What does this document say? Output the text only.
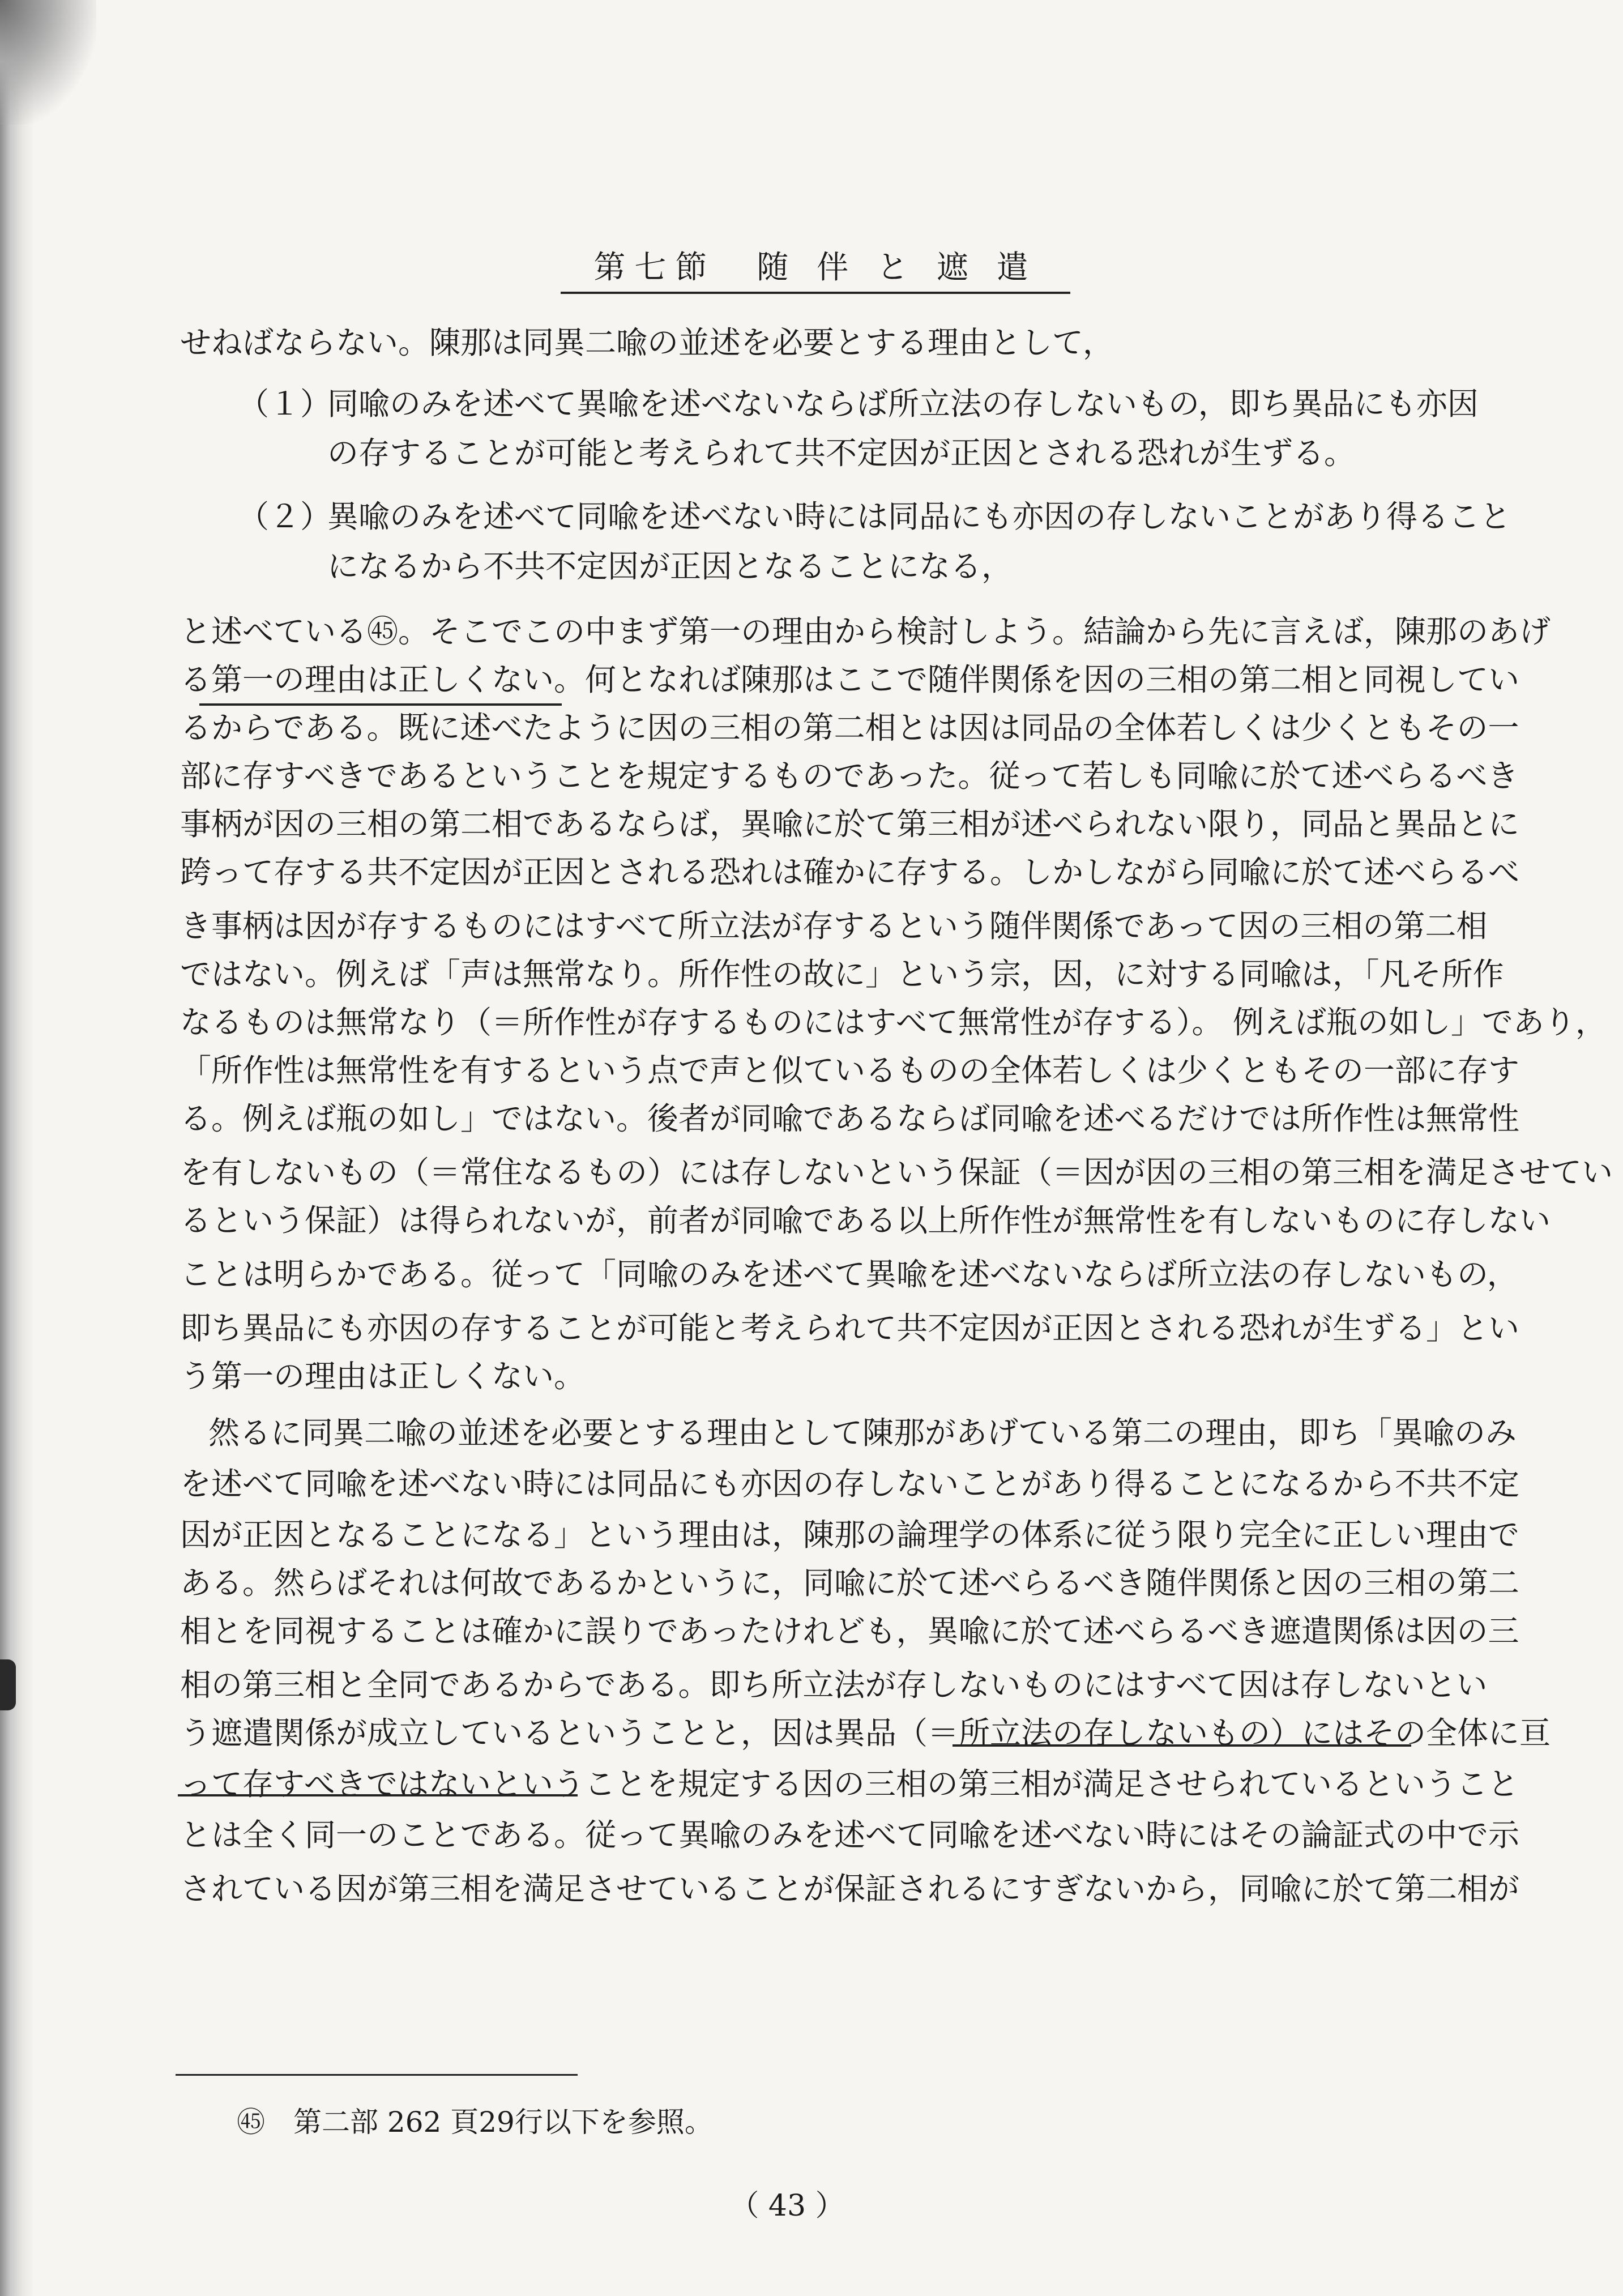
第七節　随 伴 と 遮 遣
せねばならない。陳那は同異二喩の並述を必要とする理由として，
（１）
同喩のみを述べて異喩を述べないならば所立法の存しないもの，即ち異品にも亦因
の存することが可能と考えられて共不定因が正因とされる恐れが生ずる。
（２）
異喩のみを述べて同喩を述べない時には同品にも亦因の存しないことがあり得ること
になるから不共不定因が正因となることになる，
と述べている㊺。そこでこの中まず第一の理由から検討しよう。結論から先に言えば，陳那のあげ
る第一の理由は正しくない。何となれば陳那はここで随伴関係を因の三相の第二相と同視してい
るからである。既に述べたように因の三相の第二相とは因は同品の全体若しくは少くともその一
部に存すべきであるということを規定するものであった。従って若しも同喩に於て述べらるべき
事柄が因の三相の第二相であるならば，異喩に於て第三相が述べられない限り，同品と異品とに
跨って存する共不定因が正因とされる恐れは確かに存する。しかしながら同喩に於て述べらるべ
き事柄は因が存するものにはすべて所立法が存するという随伴関係であって因の三相の第二相
ではない。例えば「声は無常なり。所作性の故に」という宗，因，に対する同喩は，「凡そ所作
なるものは無常なり（＝所作性が存するものにはすべて無常性が存する）。 例えば瓶の如し」であり，
「所作性は無常性を有するという点で声と似ているものの全体若しくは少くともその一部に存す
る。例えば瓶の如し」ではない。後者が同喩であるならば同喩を述べるだけでは所作性は無常性
を有しないもの（＝常住なるもの）には存しないという保証（＝因が因の三相の第三相を満足させてい
るという保証）は得られないが，前者が同喩である以上所作性が無常性を有しないものに存しない
ことは明らかである。従って「同喩のみを述べて異喩を述べないならば所立法の存しないもの，
即ち異品にも亦因の存することが可能と考えられて共不定因が正因とされる恐れが生ずる」とい
う第一の理由は正しくない。
然るに同異二喩の並述を必要とする理由として陳那があげている第二の理由，即ち「異喩のみ
を述べて同喩を述べない時には同品にも亦因の存しないことがあり得ることになるから不共不定
因が正因となることになる」という理由は，陳那の論理学の体系に従う限り完全に正しい理由で
ある。然らばそれは何故であるかというに，同喩に於て述べらるべき随伴関係と因の三相の第二
相とを同視することは確かに誤りであったけれども，異喩に於て述べらるべき遮遣関係は因の三
相の第三相と全同であるからである。即ち所立法が存しないものにはすべて因は存しないとい
う遮遣関係が成立しているということと，因は異品（＝所立法の存しないもの）にはその全体に亘
って存すべきではないということを規定する因の三相の第三相が満足させられているということ
とは全く同一のことである。従って異喩のみを述べて同喩を述べない時にはその論証式の中で示
されている因が第三相を満足させていることが保証されるにすぎないから，同喩に於て第二相が
㊺　第二部 262 頁29行以下を参照。
（ 43 ）
